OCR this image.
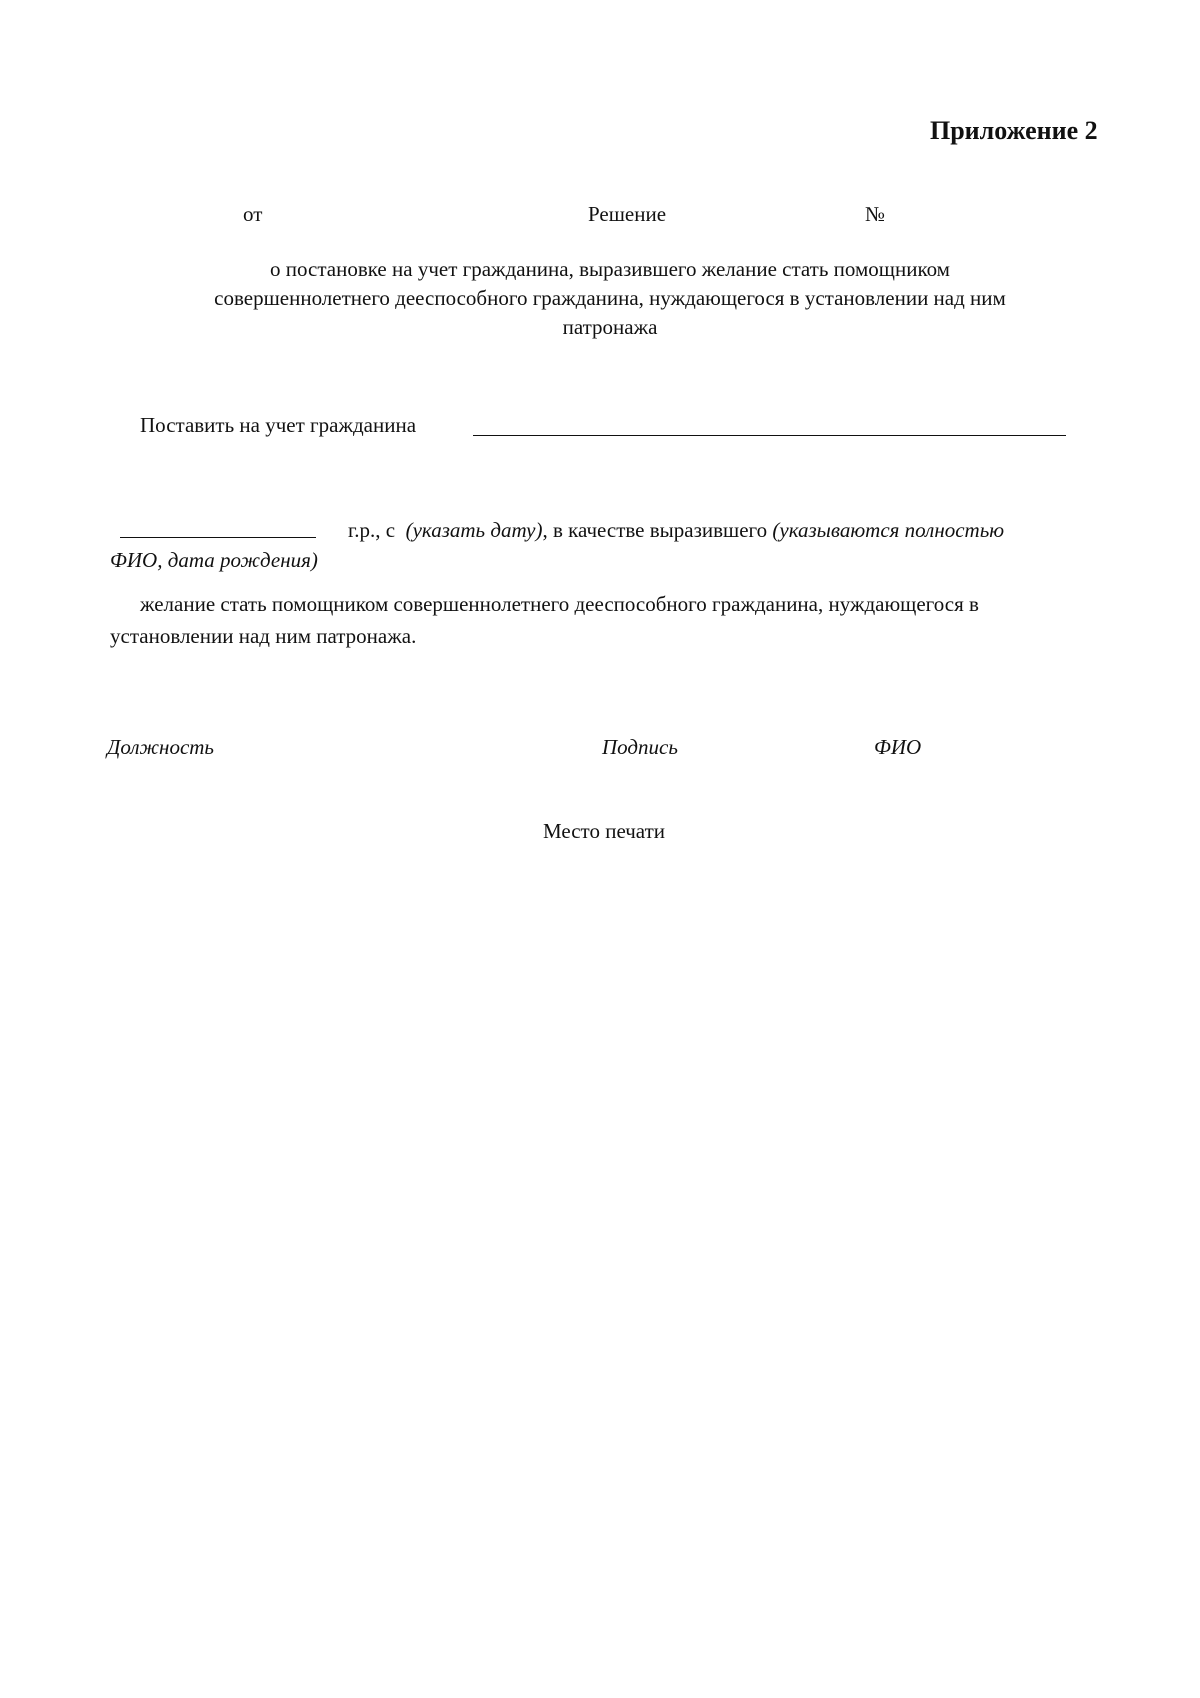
Приложение 2
от	Решение	№
о постановке на учет гражданина, выразившего желание стать помощником
совершеннолетнего дееспособного гражданина, нуждающегося в установлении над ним
патронажа
Поставить на учет гражданина
г.р., с (указать дату), в качестве выразившего (указываются полностью
ФИО, дата рождения)
желание стать помощником совершеннолетнего дееспособного гражданина, нуждающегося в
установлении над ним патронажа.
Должность	Подпись	ФИО
Место печати
